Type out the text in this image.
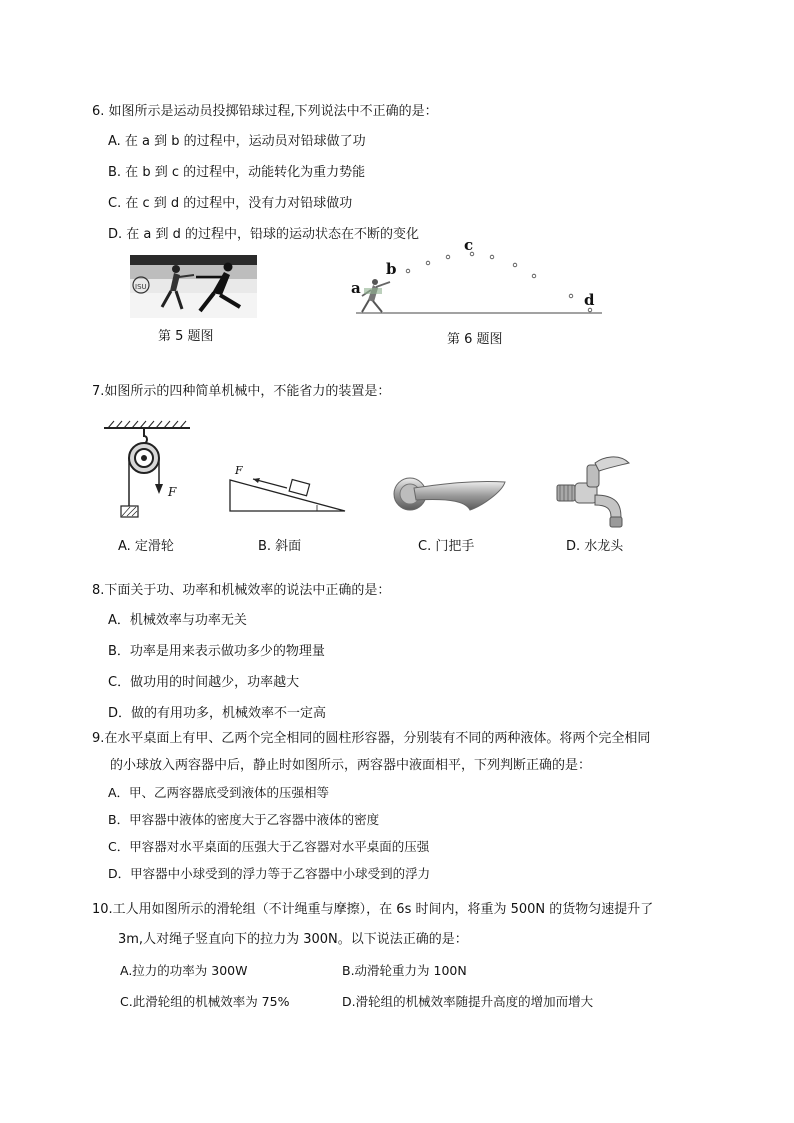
6. 如图所示是运动员投掷铅球过程,下列说法中不正确的是：
A. 在 a 到 b 的过程中，运动员对铅球做了功
B. 在 b 到 c 的过程中，动能转化为重力势能
C. 在 c 到 d 的过程中，没有力对铅球做功
D. 在 a 到 d 的过程中，铅球的运动状态在不断的变化
ISU
第 5 题图
a
b
c
d
第 6 题图
7.如图所示的四种简单机械中，不能省力的装置是：
F
F
A. 定滑轮	B. 斜面	C. 门把手	D. 水龙头
8.下面关于功、功率和机械效率的说法中正确的是：
A．机械效率与功率无关
B．功率是用来表示做功多少的物理量
C．做功用的时间越少，功率越大
D．做的有用功多，机械效率不一定高
9.在水平桌面上有甲、乙两个完全相同的圆柱形容器，分别装有不同的两种液体。将两个完全相同
的小球放入两容器中后，静止时如图所示，两容器中液面相平，下列判断正确的是：
A．甲、乙两容器底受到液体的压强相等
B．甲容器中液体的密度大于乙容器中液体的密度
C．甲容器对水平桌面的压强大于乙容器对水平桌面的压强
D．甲容器中小球受到的浮力等于乙容器中小球受到的浮力
10.工人用如图所示的滑轮组（不计绳重与摩擦），在 6s 时间内，将重为 500N 的货物匀速提升了
3m,人对绳子竖直向下的拉力为 300N。以下说法正确的是：
A.拉力的功率为 300W	B.动滑轮重力为 100N
C.此滑轮组的机械效率为 75%	D.滑轮组的机械效率随提升高度的增加而增大
